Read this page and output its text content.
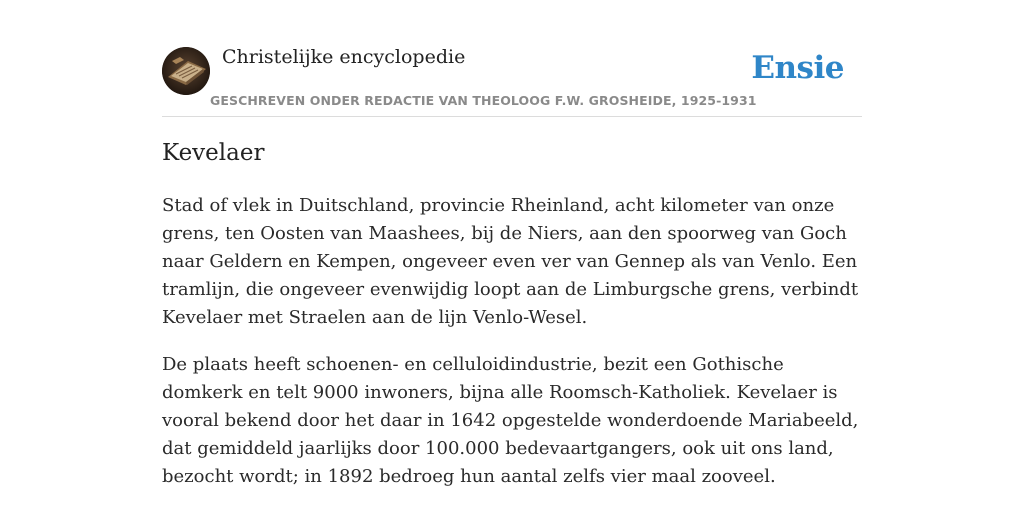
Christelijke encyclopedie
GESCHREVEN ONDER REDACTIE VAN THEOLOOG F.W. GROSHEIDE, 1925-1931
Ensie
Kevelaer

Stad of vlek in Duitschland, provincie Rheinland, acht kilometer van onze grens, ten Oosten van Maashees, bij de Niers, aan den spoorweg van Goch naar Geldern en Kempen, ongeveer even ver van Gennep als van Venlo. Een tramlijn, die ongeveer evenwijdig loopt aan de Limburgsche grens, verbindt Kevelaer met Straelen aan de lijn Venlo-Wesel.

De plaats heeft schoenen- en celluloidindustrie, bezit een Gothische domkerk en telt 9000 inwoners, bijna alle Roomsch-Katholiek. Kevelaer is vooral bekend door het daar in 1642 opgestelde wonderdoende Mariabeeld, dat gemiddeld jaarlijks door 100.000 bedevaartgangers, ook uit ons land, bezocht wordt; in 1892 bedroeg hun aantal zelfs vier maal zooveel.
